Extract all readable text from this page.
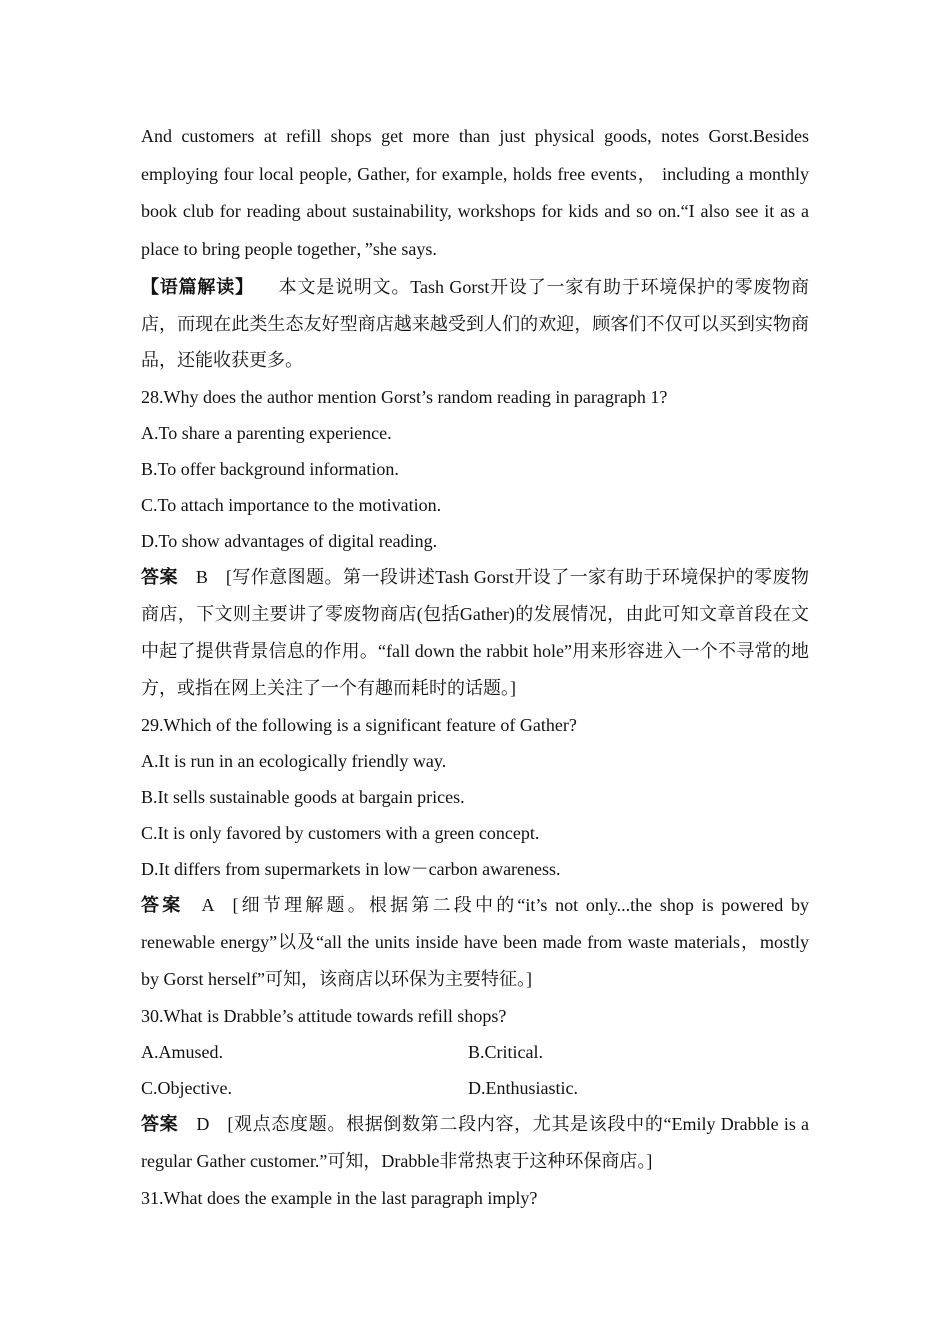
And customers at refill shops get more than just physical goods, notes Gorst.Besides employing four local people, Gather, for example, holds free events， including a monthly book club for reading about sustainability, workshops for kids and so on.“I also see it as a place to bring people together，”she says.

【语篇解读】 本文是说明文。Tash Gorst开设了一家有助于环境保护的零废物商店，而现在此类生态友好型商店越来越受到人们的欢迎，顾客们不仅可以买到实物商品，还能收获更多。

28.Why does the author mention Gorst’s random reading in paragraph 1?

A.To share a parenting experience.

B.To offer background information.

C.To attach importance to the motivation.

D.To show advantages of digital reading.

答案 B [写作意图题。第一段讲述Tash Gorst开设了一家有助于环境保护的零废物商店，下文则主要讲了零废物商店(包括Gather)的发展情况，由此可知文章首段在文中起了提供背景信息的作用。“fall down the rabbit hole”用来形容进入一个不寻常的地方，或指在网上关注了一个有趣而耗时的话题。]

29.Which of the following is a significant feature of Gather?

A.It is run in an ecologically friendly way.

B.It sells sustainable goods at bargain prices.

C.It is only favored by customers with a green concept.

D.It differs from supermarkets in low－carbon awareness.

答案 A [细节理解题。根据第二段中的“it’s not only...the shop is powered by renewable energy”以及“all the units inside have been made from waste materials，mostly by Gorst herself”可知，该商店以环保为主要特征。]

30.What is Drabble’s attitude towards refill shops?

A.Amused.	B.Critical.
C.Objective.	D.Enthusiastic.

答案 D [观点态度题。根据倒数第二段内容，尤其是该段中的“Emily Drabble is a regular Gather customer.”可知，Drabble非常热衷于这种环保商店。]

31.What does the example in the last paragraph imply?
